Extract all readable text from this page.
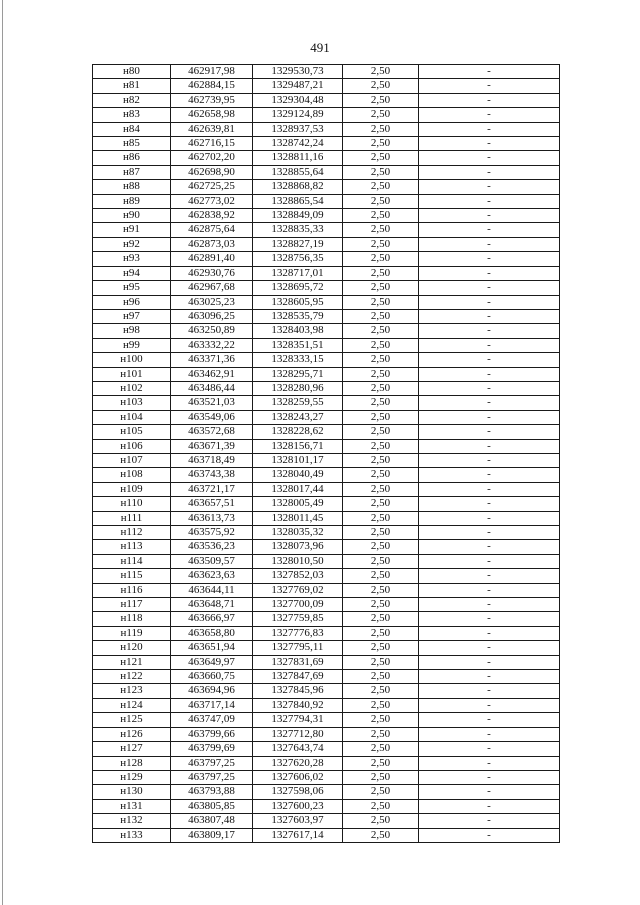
491
н80	462917,98	1329530,73	2,50	-
н81	462884,15	1329487,21	2,50	-
н82	462739,95	1329304,48	2,50	-
н83	462658,98	1329124,89	2,50	-
н84	462639,81	1328937,53	2,50	-
н85	462716,15	1328742,24	2,50	-
н86	462702,20	1328811,16	2,50	-
н87	462698,90	1328855,64	2,50	-
н88	462725,25	1328868,82	2,50	-
н89	462773,02	1328865,54	2,50	-
н90	462838,92	1328849,09	2,50	-
н91	462875,64	1328835,33	2,50	-
н92	462873,03	1328827,19	2,50	-
н93	462891,40	1328756,35	2,50	-
н94	462930,76	1328717,01	2,50	-
н95	462967,68	1328695,72	2,50	-
н96	463025,23	1328605,95	2,50	-
н97	463096,25	1328535,79	2,50	-
н98	463250,89	1328403,98	2,50	-
н99	463332,22	1328351,51	2,50	-
н100	463371,36	1328333,15	2,50	-
н101	463462,91	1328295,71	2,50	-
н102	463486,44	1328280,96	2,50	-
н103	463521,03	1328259,55	2,50	-
н104	463549,06	1328243,27	2,50	-
н105	463572,68	1328228,62	2,50	-
н106	463671,39	1328156,71	2,50	-
н107	463718,49	1328101,17	2,50	-
н108	463743,38	1328040,49	2,50	-
н109	463721,17	1328017,44	2,50	-
н110	463657,51	1328005,49	2,50	-
н111	463613,73	1328011,45	2,50	-
н112	463575,92	1328035,32	2,50	-
н113	463536,23	1328073,96	2,50	-
н114	463509,57	1328010,50	2,50	-
н115	463623,63	1327852,03	2,50	-
н116	463644,11	1327769,02	2,50	-
н117	463648,71	1327700,09	2,50	-
н118	463666,97	1327759,85	2,50	-
н119	463658,80	1327776,83	2,50	-
н120	463651,94	1327795,11	2,50	-
н121	463649,97	1327831,69	2,50	-
н122	463660,75	1327847,69	2,50	-
н123	463694,96	1327845,96	2,50	-
н124	463717,14	1327840,92	2,50	-
н125	463747,09	1327794,31	2,50	-
н126	463799,66	1327712,80	2,50	-
н127	463799,69	1327643,74	2,50	-
н128	463797,25	1327620,28	2,50	-
н129	463797,25	1327606,02	2,50	-
н130	463793,88	1327598,06	2,50	-
н131	463805,85	1327600,23	2,50	-
н132	463807,48	1327603,97	2,50	-
н133	463809,17	1327617,14	2,50	-
